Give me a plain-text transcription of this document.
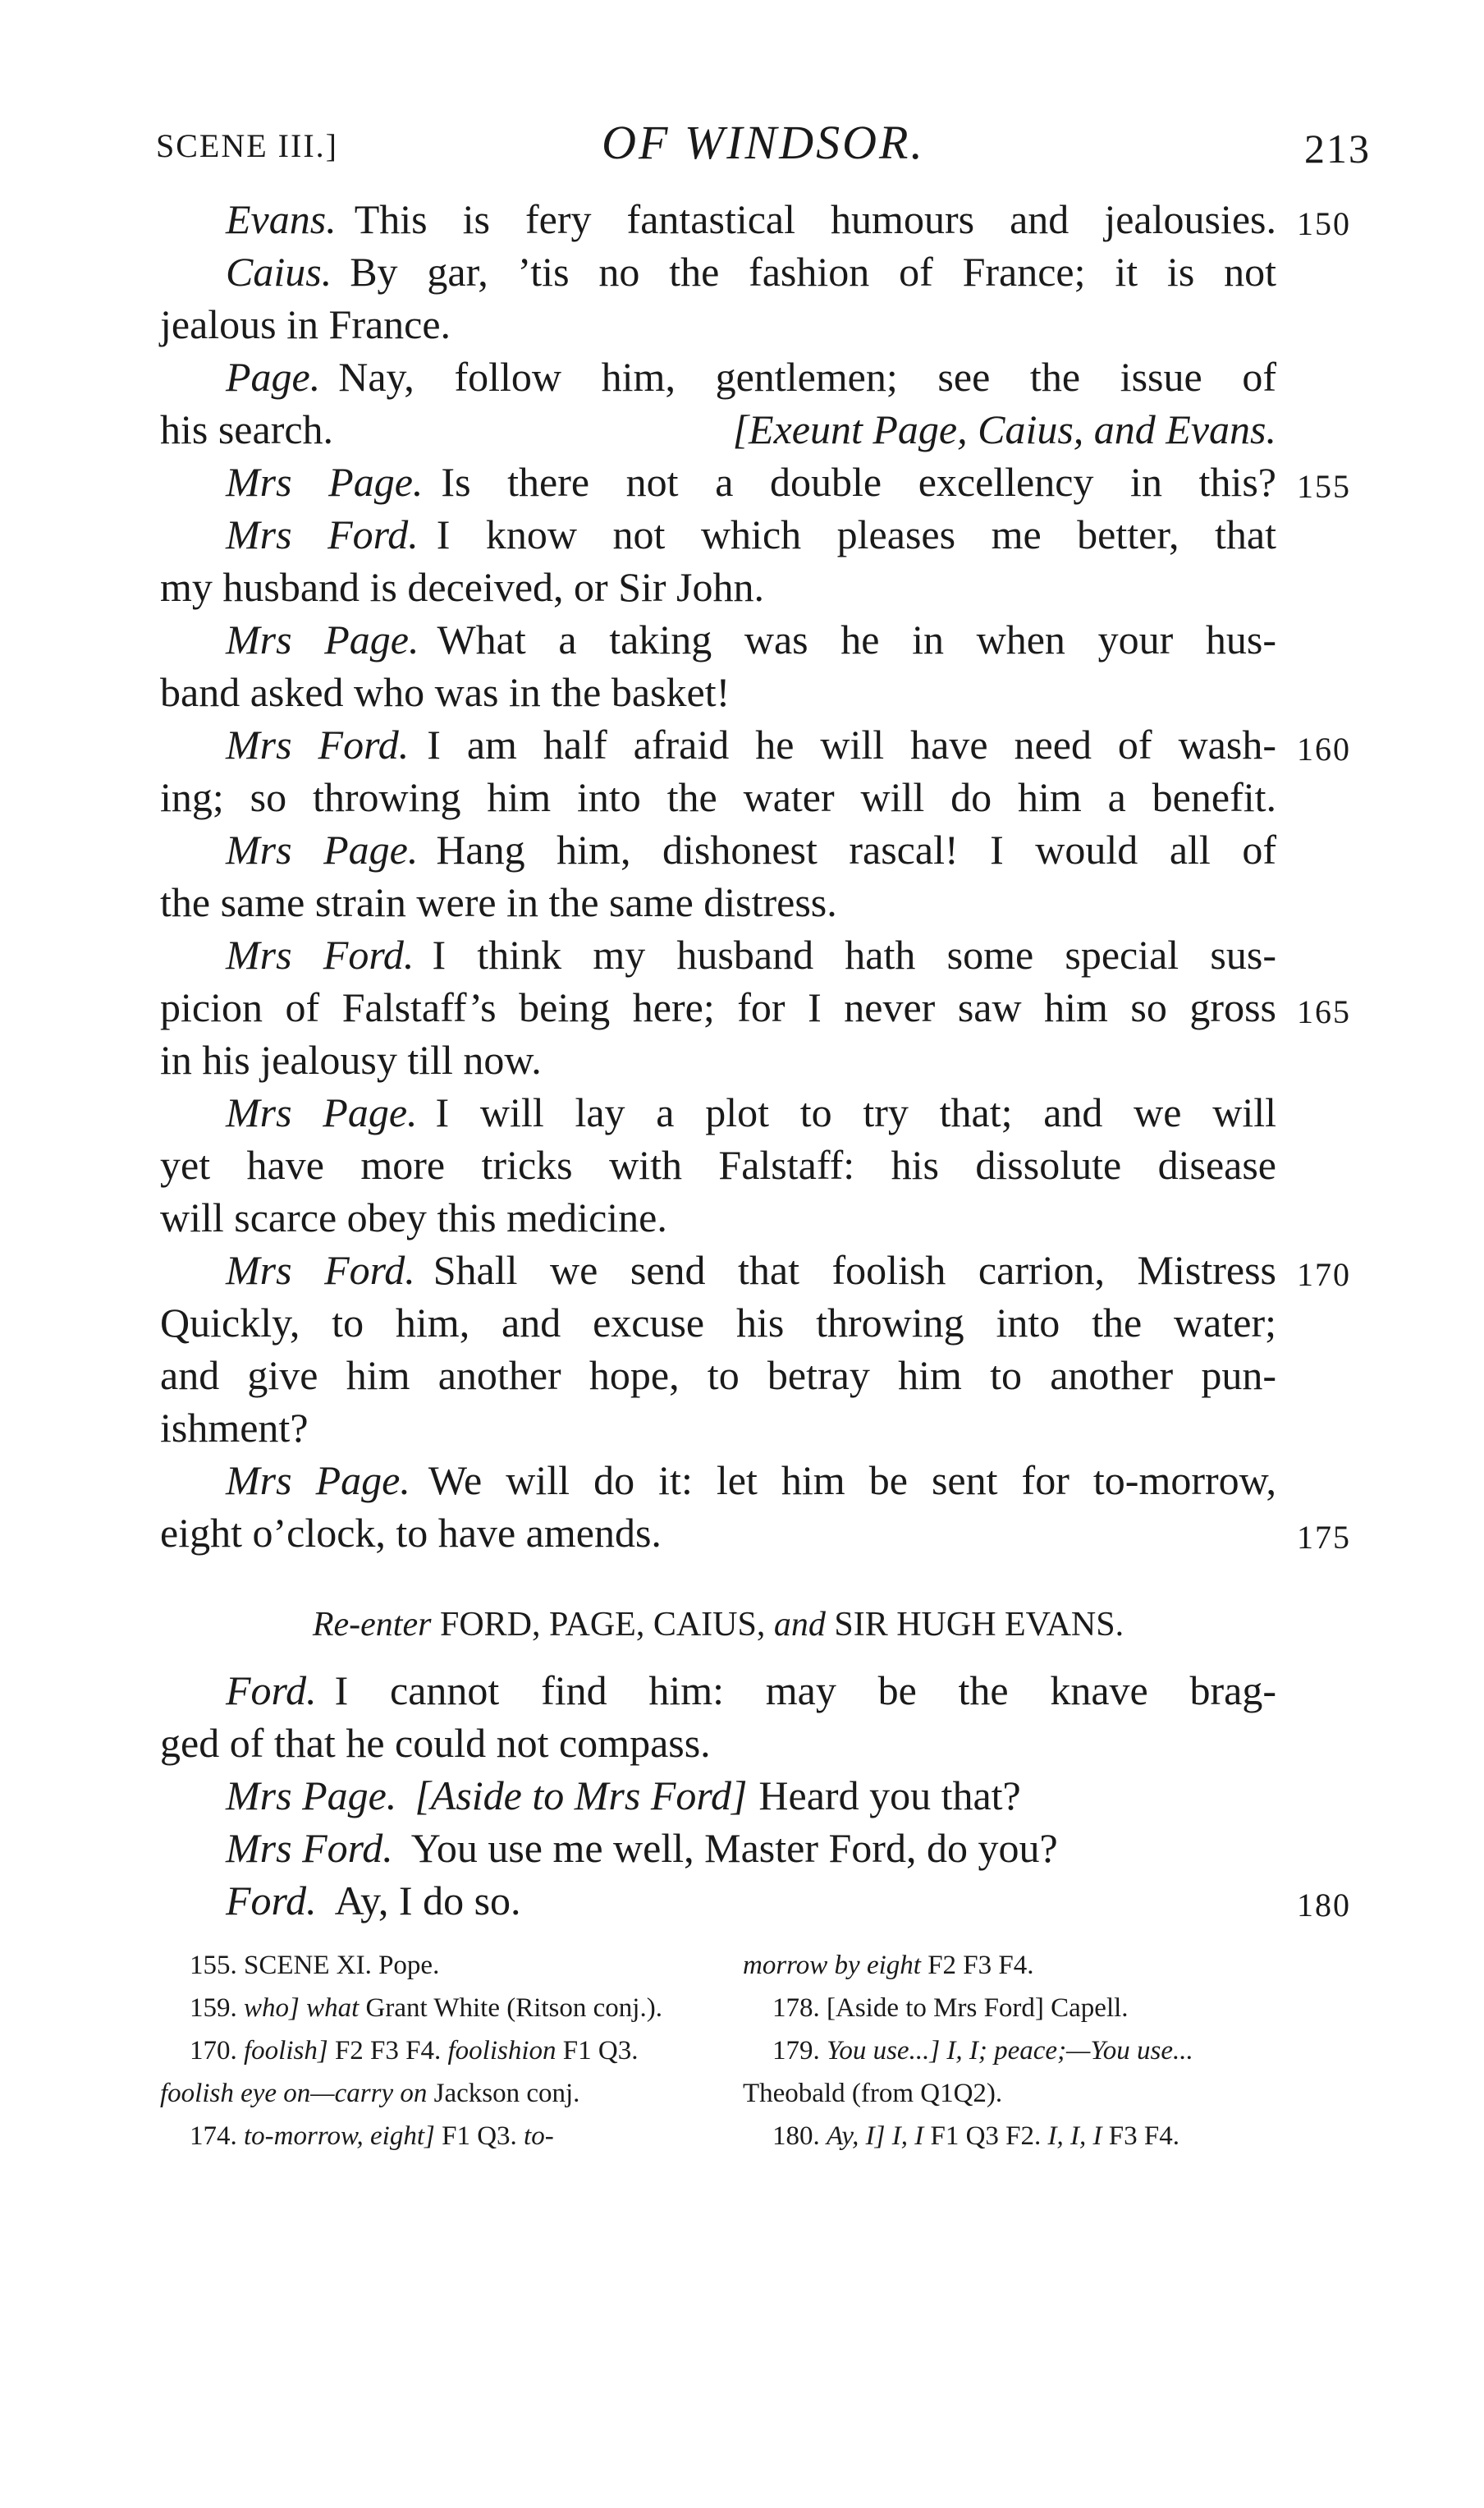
SCENE III.]	OF WINDSOR.	213
Evans. This is fery fantastical humours and jealousies. 150
Caius. By gar, ’tis no the fashion of France; it is not
jealous in France.
Page. Nay, follow him, gentlemen; see the issue of
his search.	[Exeunt Page, Caius, and Evans.
Mrs Page. Is there not a double excellency in this? 155
Mrs Ford. I know not which pleases me better, that
my husband is deceived, or Sir John.
Mrs Page. What a taking was he in when your hus-
band asked who was in the basket!
Mrs Ford. I am half afraid he will have need of wash- 160
ing; so throwing him into the water will do him a benefit.
Mrs Page. Hang him, dishonest rascal! I would all of
the same strain were in the same distress.
Mrs Ford. I think my husband hath some special sus-
picion of Falstaff’s being here; for I never saw him so gross 165
in his jealousy till now.
Mrs Page. I will lay a plot to try that; and we will
yet have more tricks with Falstaff: his dissolute disease
will scarce obey this medicine.
Mrs Ford. Shall we send that foolish carrion, Mistress 170
Quickly, to him, and excuse his throwing into the water;
and give him another hope, to betray him to another pun-
ishment?
Mrs Page. We will do it: let him be sent for to-morrow,
eight o’clock, to have amends.	175
Re-enter FORD, PAGE, CAIUS, and SIR HUGH EVANS.
Ford. I cannot find him: may be the knave brag-
ged of that he could not compass.
Mrs Page. [Aside to Mrs Ford] Heard you that?
Mrs Ford. You use me well, Master Ford, do you?
Ford. Ay, I do so.	180

155. SCENE XI. Pope.

159. who] what Grant White (Ritson conj.).

170. foolish] F2 F3 F4. foolishion F1 Q3. foolish eye on—carry on Jackson conj.

174. to-morrow, eight] F1 Q3. to-

morrow by eight F2 F3 F4.

178. [Aside to Mrs Ford] Capell.

179. You use...] I, I; peace;—You use... Theobald (from Q1Q2).

180. Ay, I] I, I F1 Q3 F2. I, I, I F3 F4.
